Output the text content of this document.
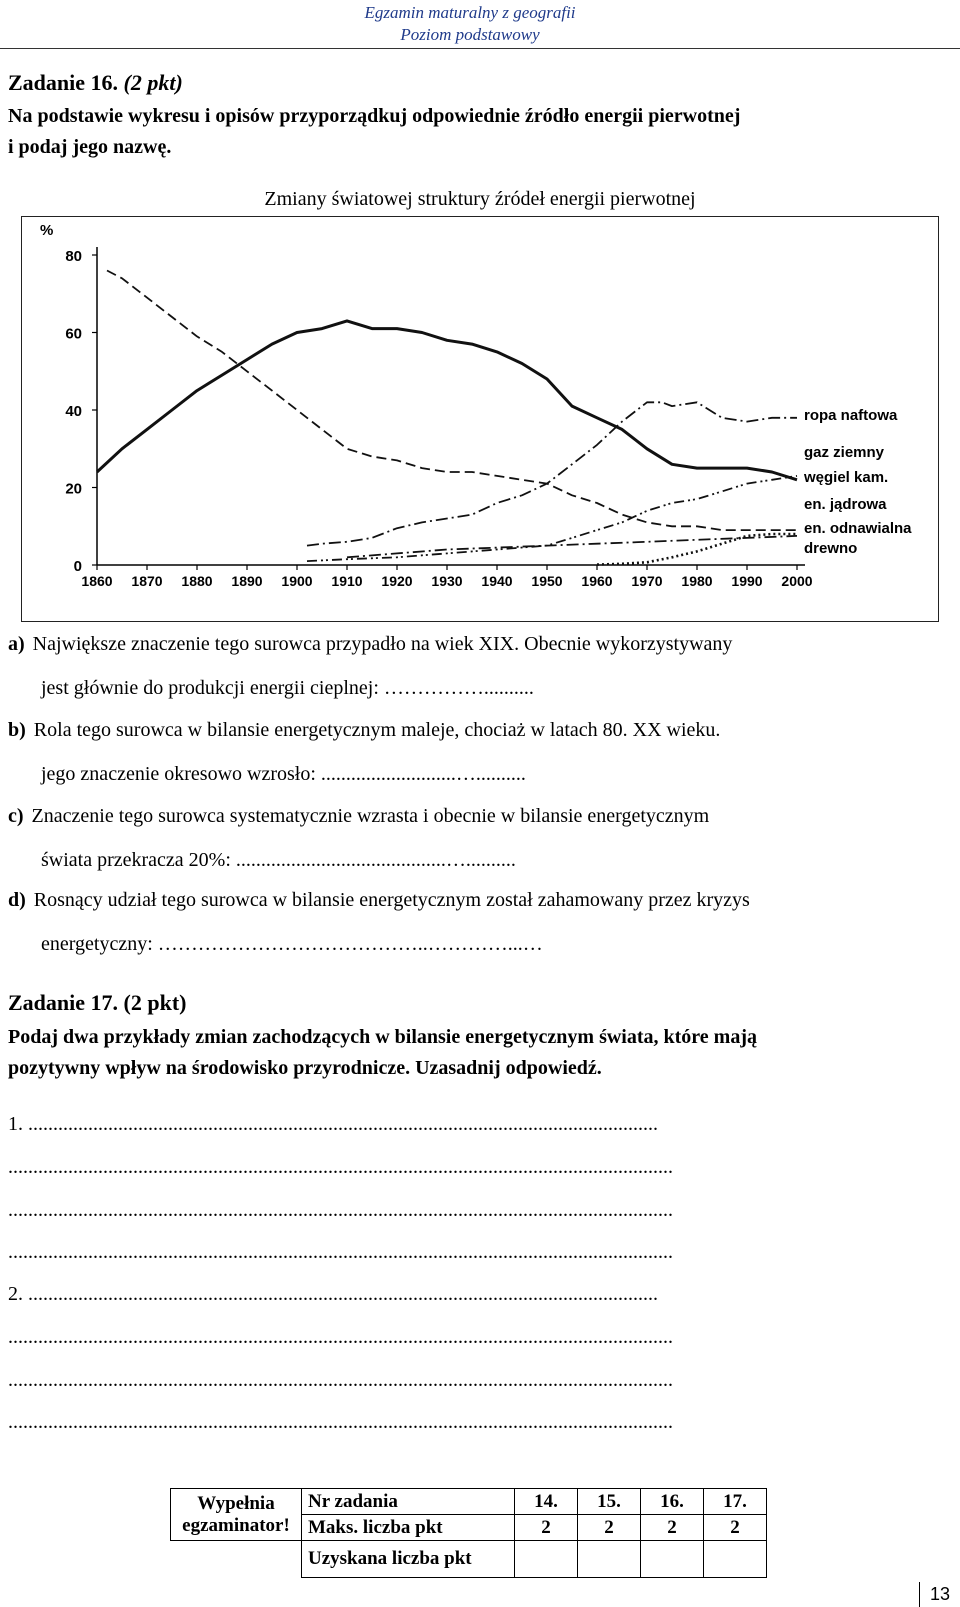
Egzamin maturalny z geografii
Poziom podstawowy
Zadanie 16. (2 pkt)
Na podstawie wykresu i opisów przyporządkuj odpowiednie źródło energii pierwotnej
i podaj jego nazwę.
Zmiany światowej struktury źródeł energii pierwotnej
%
0
20
40
60
80
1860 1870 1880 1890 1900 1910 1920 1930 1940 1950 1960 1970 1980 1990 2000
ropa naftowa
gaz ziemny
węgiel kam.
en. jądrowa
en. odnawialna
drewno
a) Największe znaczenie tego surowca przypadło na wiek XIX. Obecnie wykorzystywany
jest głównie do produkcji energii cieplnej: ……………..........
b) Rola tego surowca w bilansie energetycznym maleje, chociaż w latach 80. XX wieku.
jego znaczenie okresowo wzrosło: ...........................…..........
c) Znaczenie tego surowca systematycznie wzrasta i obecnie w bilansie energetycznym
świata przekracza 20%: ..........................................…..........
d) Rosnący udział tego surowca w bilansie energetycznym został zahamowany przez kryzys
energetyczny: …………………………………..…………...…
Zadanie 17. (2 pkt)
Podaj dwa przykłady zmian zachodzących w bilansie energetycznym świata, które mają
pozytywny wpływ na środowisko przyrodnicze. Uzasadnij odpowiedź.
1. ..............................................................................................................................
.....................................................................................................................................
.....................................................................................................................................
.....................................................................................................................................
2. ..............................................................................................................................
.....................................................................................................................................
.....................................................................................................................................
.....................................................................................................................................
Wypełnia
egzaminator!	Nr zadania	14.	15.	16.	17.
	Maks. liczba pkt	2	2	2	2
	Uzyskana liczba pkt				
13
